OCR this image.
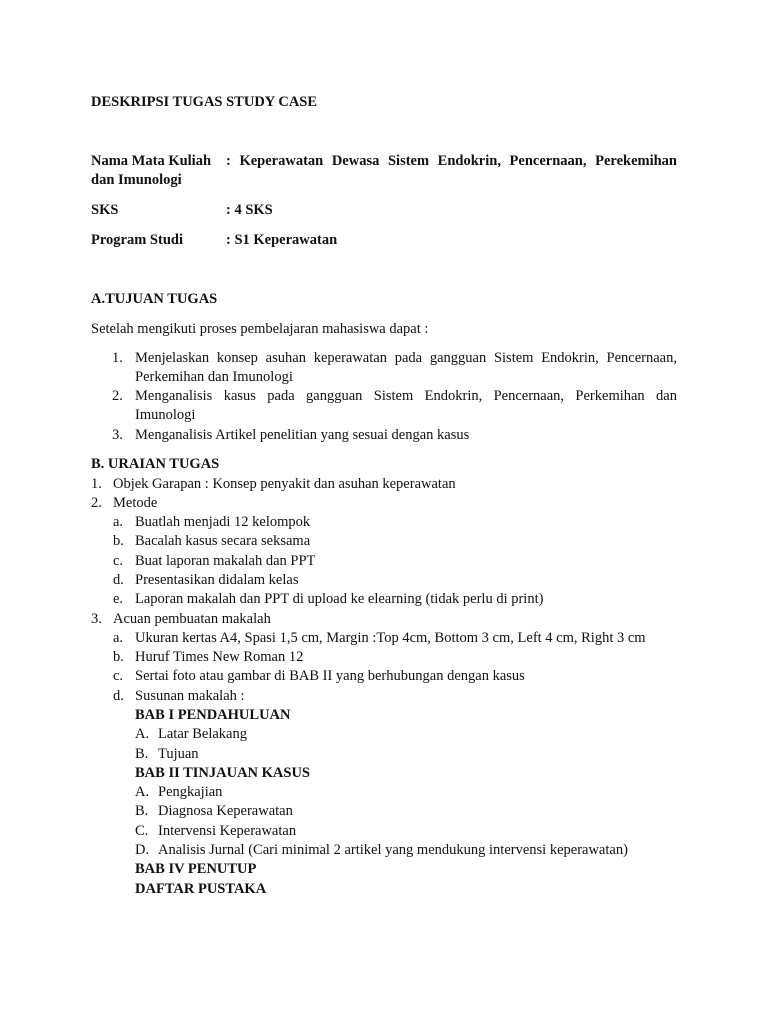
DESKRIPSI TUGAS STUDY CASE
Nama Mata Kuliah : Keperawatan Dewasa Sistem Endokrin, Pencernaan, Perekemihan
dan Imunologi
SKS	: 4 SKS
Program Studi	: S1 Keperawatan
A.TUJUAN TUGAS
Setelah mengikuti proses pembelajaran mahasiswa dapat :
1. Menjelaskan konsep asuhan keperawatan pada gangguan Sistem Endokrin, Pencernaan,
Perkemihan dan Imunologi
2. Menganalisis kasus pada gangguan Sistem Endokrin, Pencernaan, Perkemihan dan
Imunologi
3. Menganalisis Artikel penelitian yang sesuai dengan kasus
B. URAIAN TUGAS
1. Objek Garapan : Konsep penyakit dan asuhan keperawatan
2. Metode
a. Buatlah menjadi 12 kelompok
b. Bacalah kasus secara seksama
c. Buat laporan makalah dan PPT
d. Presentasikan didalam kelas
e. Laporan makalah dan PPT di upload ke elearning (tidak perlu di print)
3. Acuan pembuatan makalah
a. Ukuran kertas A4, Spasi 1,5 cm, Margin :Top 4cm, Bottom 3 cm, Left 4 cm, Right 3 cm
b. Huruf Times New Roman 12
c. Sertai foto atau gambar di BAB II yang berhubungan dengan kasus
d. Susunan makalah :
BAB I PENDAHULUAN
A. Latar Belakang
B. Tujuan
BAB II TINJAUAN KASUS
A. Pengkajian
B. Diagnosa Keperawatan
C. Intervensi Keperawatan
D. Analisis Jurnal (Cari minimal 2 artikel yang mendukung intervensi keperawatan)
BAB IV PENUTUP
DAFTAR PUSTAKA
